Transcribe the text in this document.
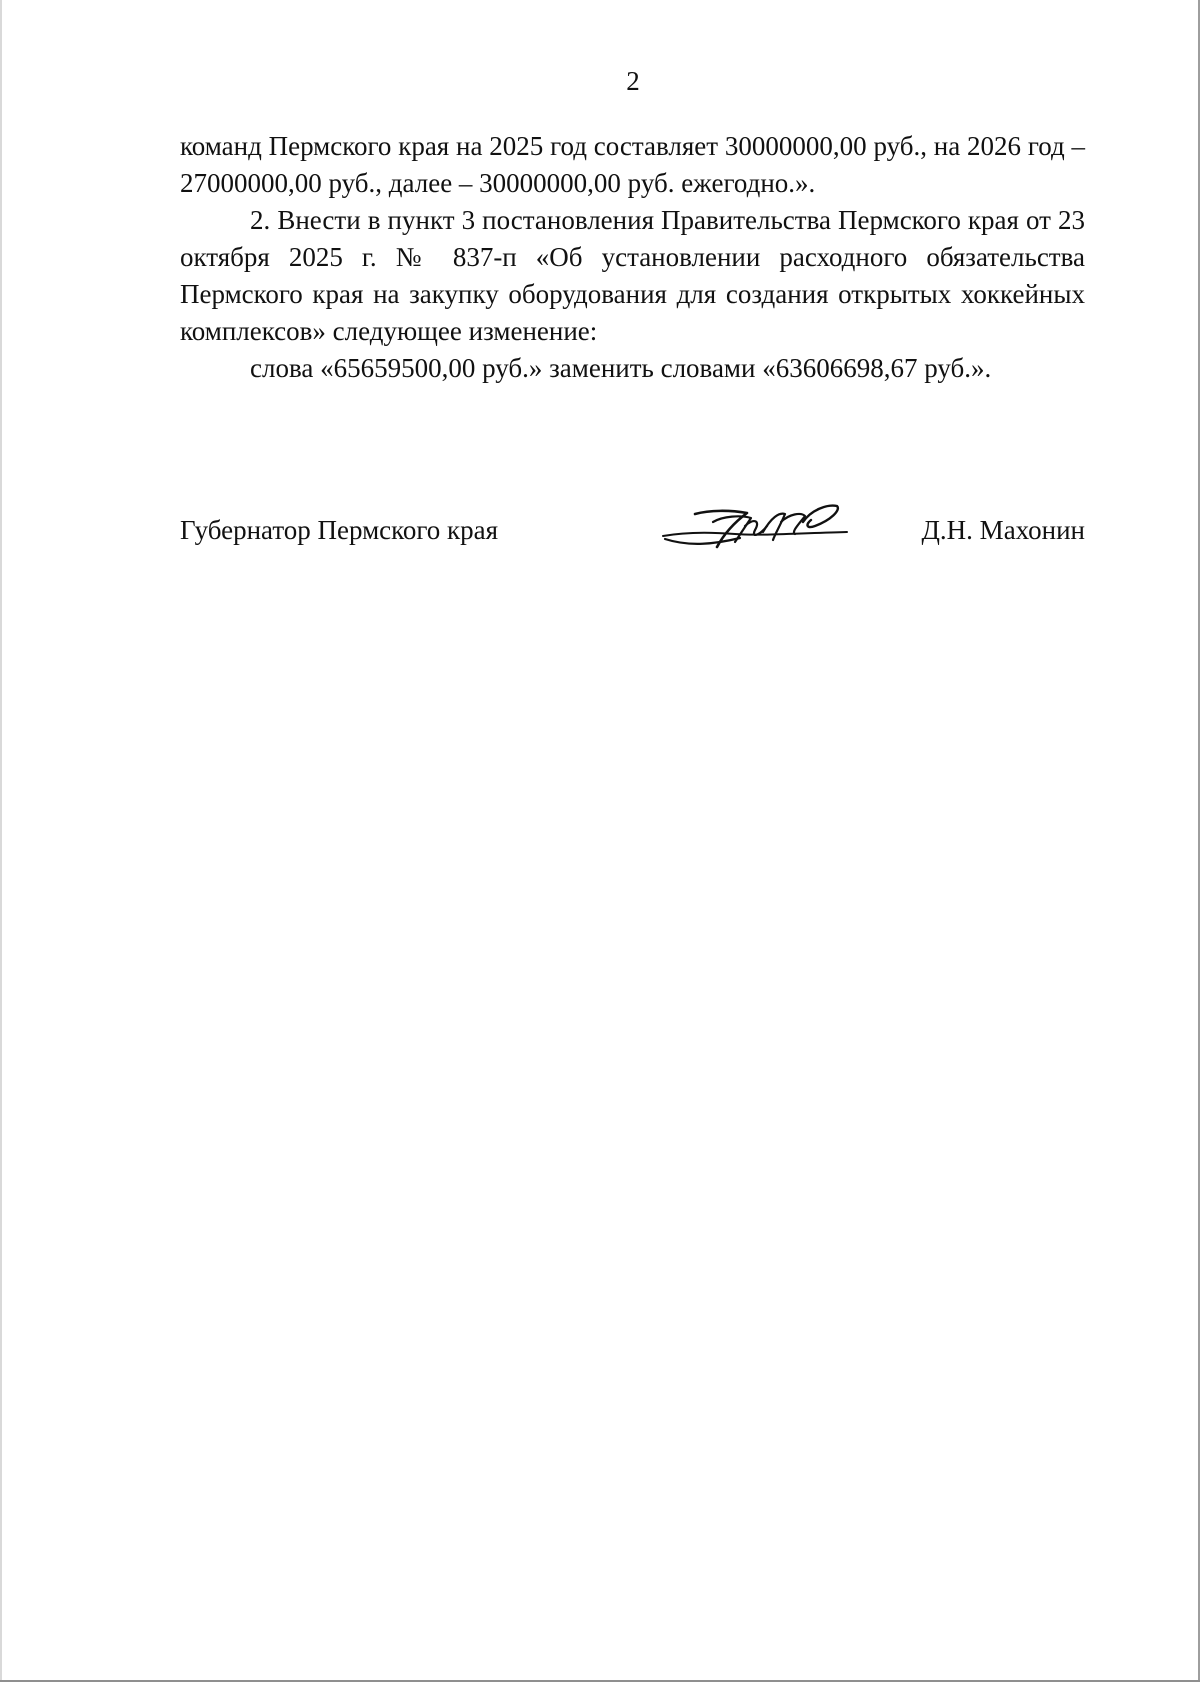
2

команд Пермского края на 2025 год составляет 30000000,00 руб., на 2026 год – 27000000,00 руб., далее – 30000000,00 руб. ежегодно.».

2. Внести в пункт 3 постановления Правительства Пермского края от 23 октября 2025 г. № 837-п «Об установлении расходного обязательства Пермского края на закупку оборудования для создания открытых хоккейных комплексов» следующее изменение:

слова «65659500,00 руб.» заменить словами «63606698,67 руб.».

Губернатор Пермского края	Д.Н. Махонин
